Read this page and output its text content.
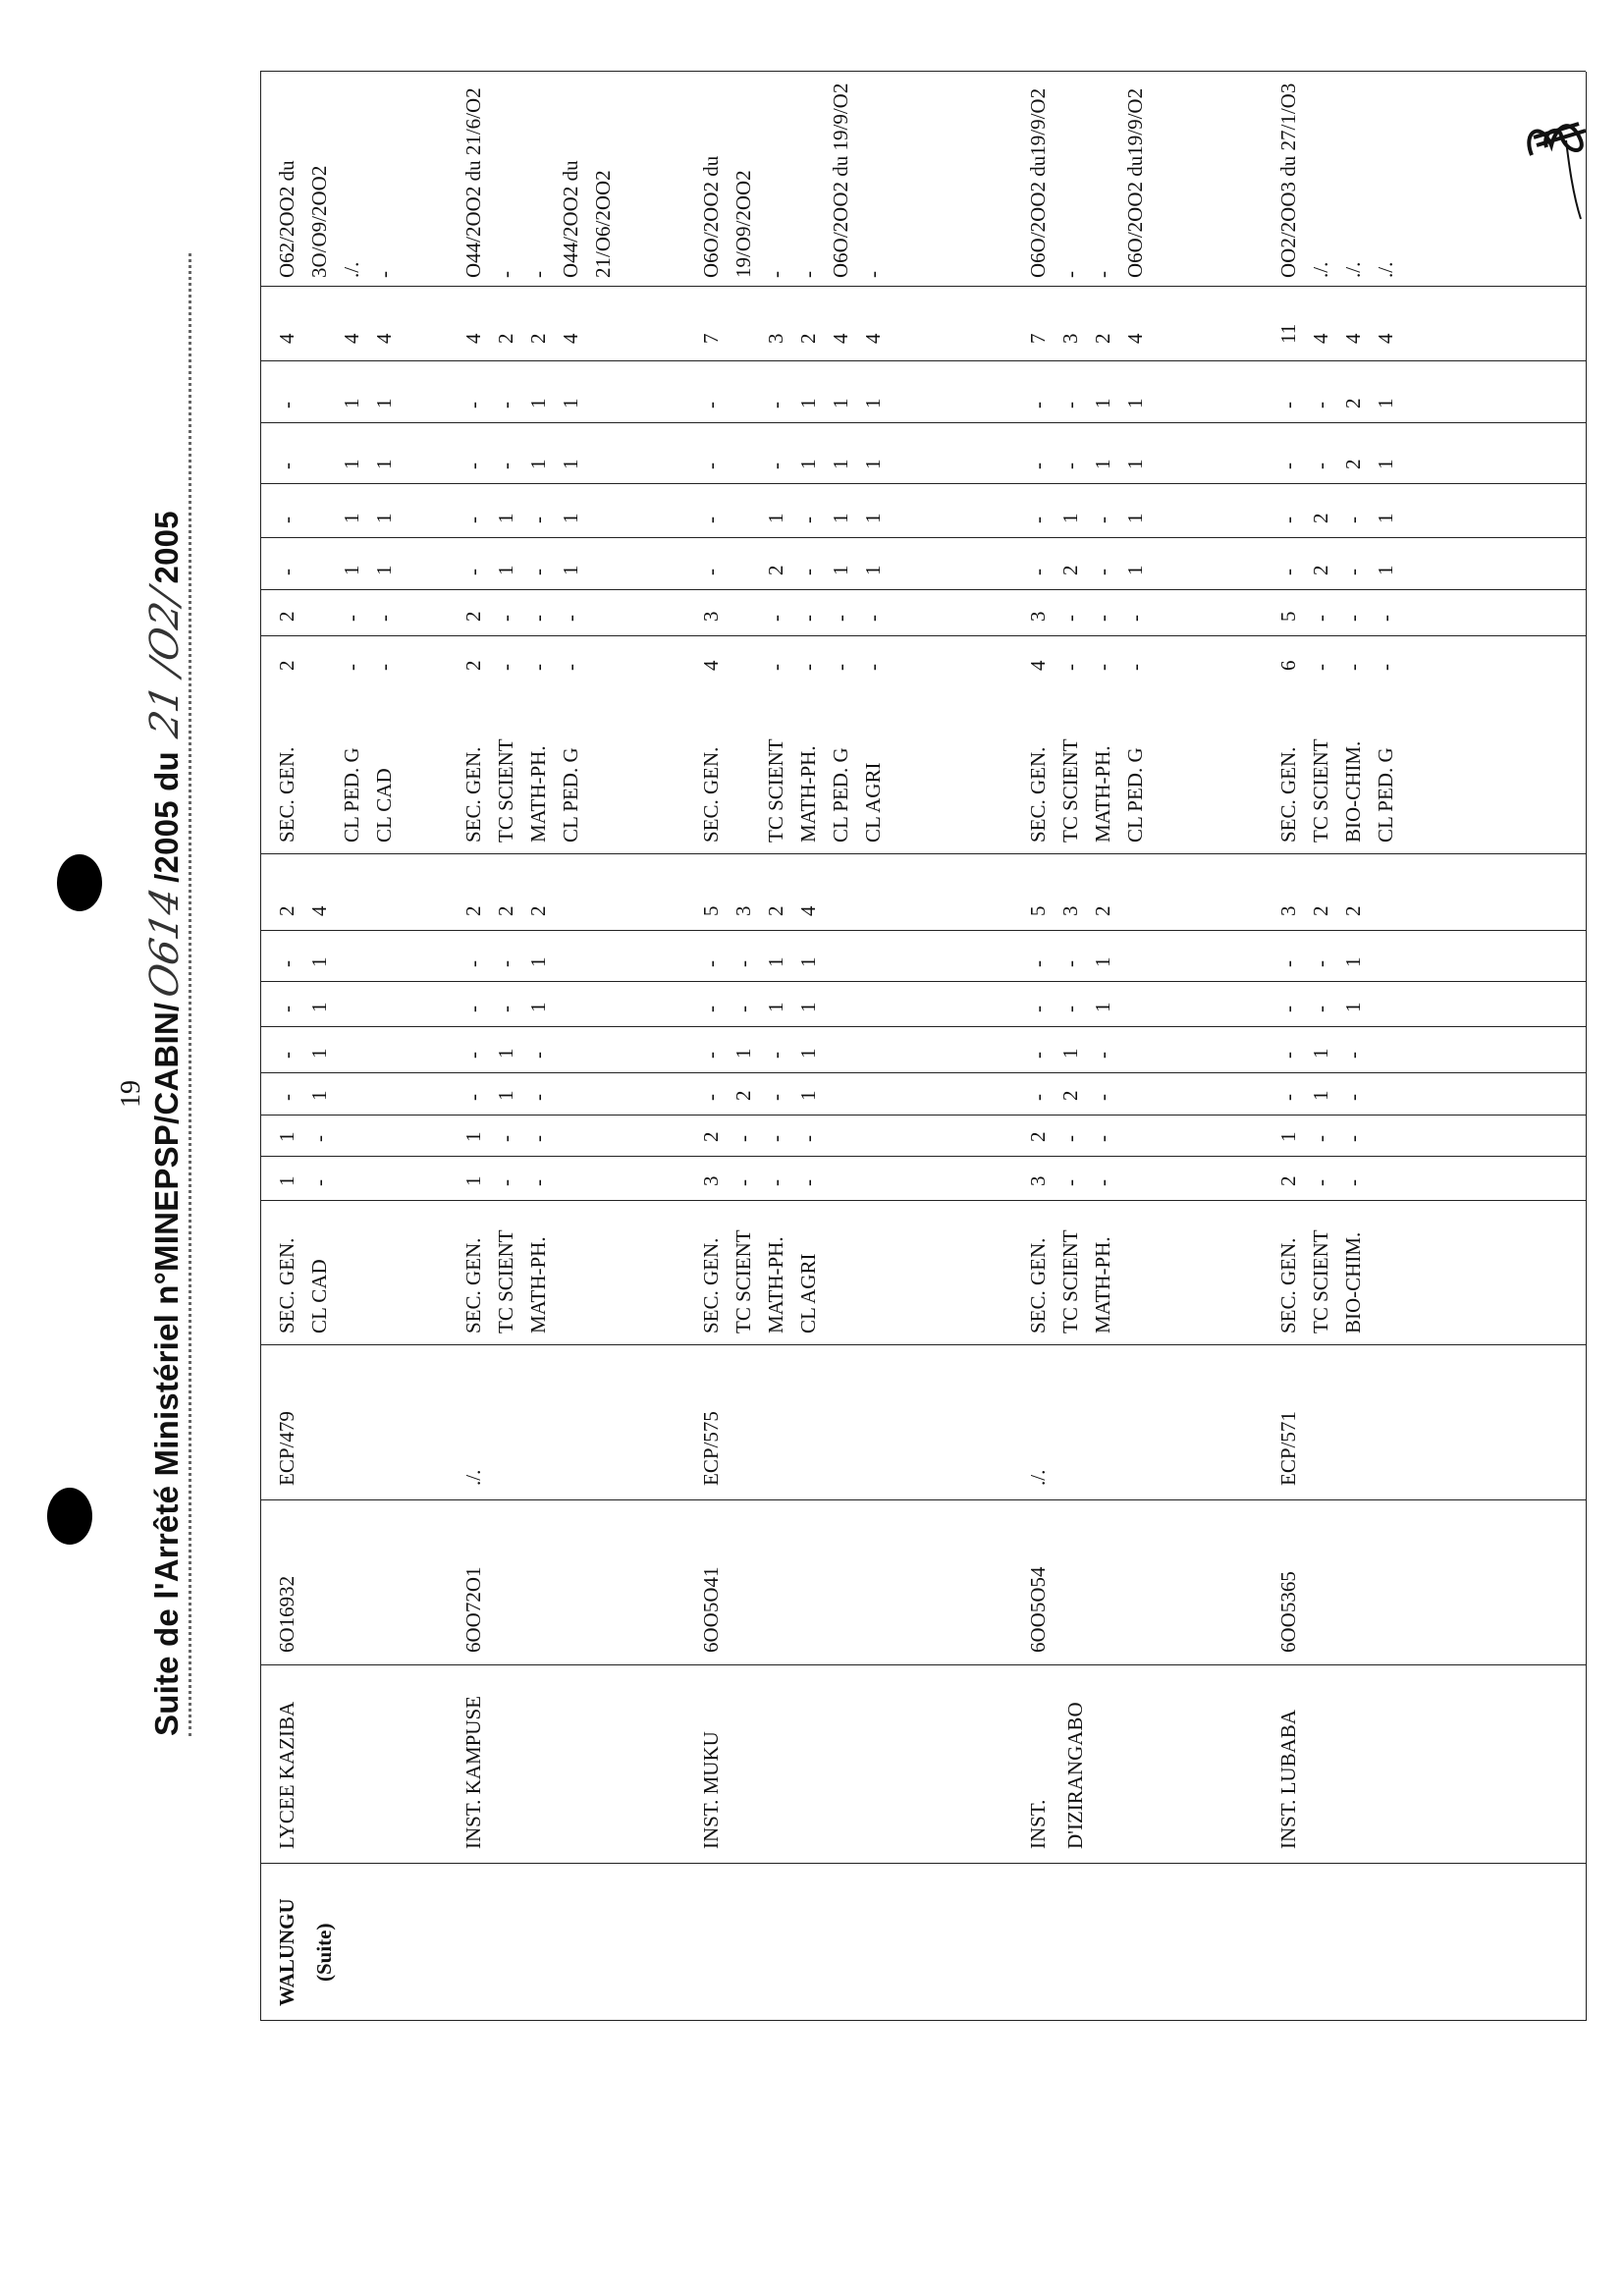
19 Suite de l'Arrêté Ministériel n°MINEPSP/CABIN/O614/2005 du 21/O2/2005
WALUNGU (Suite)
LYCEE KAZIBA
6O16932
ECP/479
SEC. GEN.
1
1
-
-
-
-
2
SEC. GEN.
2
2
-
-
-
-
4
O62/2OO2 du
CL CAD
-
-
1
1
1
1
4
3O/O9/2OO2
CL PED. G
-
-
1
1
1
1
4
./.
CL CAD
-
-
1
1
1
1
4
-
INST. KAMPUSE
6OO72O1
./.
SEC. GEN.
1
1
-
-
-
-
2
SEC. GEN.
2
2
-
-
-
-
4
O44/2OO2 du 21/6/O2
TC SCIENT
-
-
1
1
-
-
2
TC SCIENT
-
-
1
1
-
-
2
-
MATH-PH.
-
-
-
-
1
1
2
MATH-PH.
-
-
-
-
1
1
2
-
CL PED. G
-
-
1
1
1
1
4
O44/2OO2 du 21/O6/2OO2
INST. MUKU
6OO5O41
ECP/575
SEC. GEN.
3
2
-
-
-
-
5
SEC. GEN.
4
3
-
-
-
-
7
O6O/2OO2 du
TC SCIENT
-
-
2
1
-
-
3
19/O9/2OO2
MATH-PH.
-
-
-
-
1
1
2
TC SCIENT
-
-
2
1
-
-
3
-
CL AGRI
-
-
1
1
1
1
4
MATH-PH.
-
-
-
-
1
1
2
-
CL PED. G
-
-
1
1
1
1
4
O6O/2OO2 du 19/9/O2
CL AGRI
-
-
1
1
1
1
4
-
INST. D'IZIRANGABO
6OO5O54
./.
SEC. GEN.
3
2
-
-
-
-
5
SEC. GEN.
4
3
-
-
-
-
7
O6O/2OO2 du19/9/O2
TC SCIENT
-
-
2
1
-
-
3
TC SCIENT
-
-
2
1
-
-
3
-
MATH-PH.
-
-
-
-
1
1
2
MATH-PH.
-
-
-
-
1
1
2
-
CL PED. G
-
-
1
1
1
1
4
O6O/2OO2 du19/9/O2
INST. LUBABA
6OO5365
ECP/571
SEC. GEN.
2
1
-
-
-
-
3
SEC. GEN.
6
5
-
-
-
-
11
OO2/2OO3 du 27/1/O3
TC SCIENT
-
-
1
1
-
-
2
TC SCIENT
-
-
2
2
-
-
4
./.
BIO-CHIM.
-
-
-
-
1
1
2
BIO-CHIM.
-
-
-
-
2
2
4
./.
CL PED. G
-
-
1
1
1
1
4
./.
